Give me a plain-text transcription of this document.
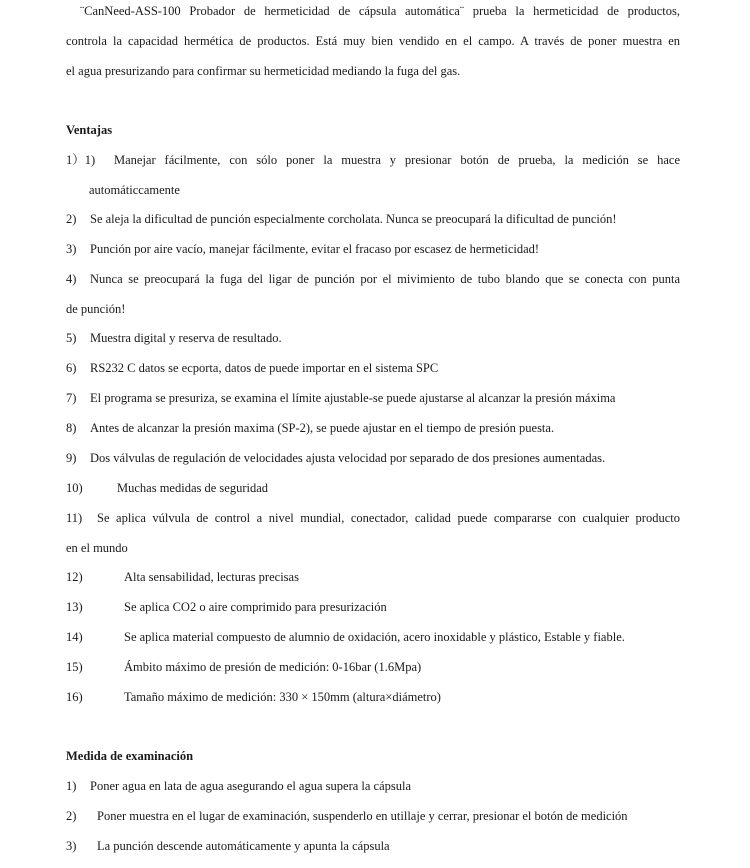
¨CanNeed-ASS-100 Probador de hermeticidad de cápsula automática¨ prueba la hermeticidad de productos,
controla la capacidad hermética de productos. Está muy bien vendido en el campo. A través de poner muestra en
el agua presurizando para confirmar su hermeticidad mediando la fuga del gas.
Ventajas
1）1) Manejar fácilmente, con sólo poner la muestra y presionar botón de prueba, la medición se hace
automáticcamente
2) Se aleja la dificultad de punción especialmente corcholata. Nunca se preocupará la dificultad de punción!
3) Punción por aire vacío, manejar fácilmente, evitar el fracaso por escasez de hermeticidad!
4) Nunca se preocupará la fuga del ligar de punción por el mivimiento de tubo blando que se conecta con punta
de punción!
5) Muestra digital y reserva de resultado.
6) RS232 C datos se ecporta, datos de puede importar en el sistema SPC
7) El programa se presuriza, se examina el límite ajustable-se puede ajustarse al alcanzar la presión máxima
8) Antes de alcanzar la presión maxima (SP-2), se puede ajustar en el tiempo de presión puesta.
9) Dos válvulas de regulación de velocidades ajusta velocidad por separado de dos presiones aumentadas.
10)	Muchas medidas de seguridad
11) Se aplica vúlvula de control a nivel mundial, conectador, calidad puede compararse con cualquier producto
en el mundo
12)	Alta sensabilidad, lecturas precisas
13)	Se aplica CO2 o aire comprimido para presurización
14)	Se aplica material compuesto de alumnio de oxidación, acero inoxidable y plástico, Estable y fiable.
15)	Ámbito máximo de presión de medición: 0-16bar (1.6Mpa)
16)	Tamaño máximo de medición: 330 × 150mm (altura×diámetro)
Medida de examinación
1) Poner agua en lata de agua asegurando el agua supera la cápsula
2) Poner muestra en el lugar de examinación, suspenderlo en utillaje y cerrar, presionar el botón de medición
3) La punción descende automáticamente y apunta la cápsula
